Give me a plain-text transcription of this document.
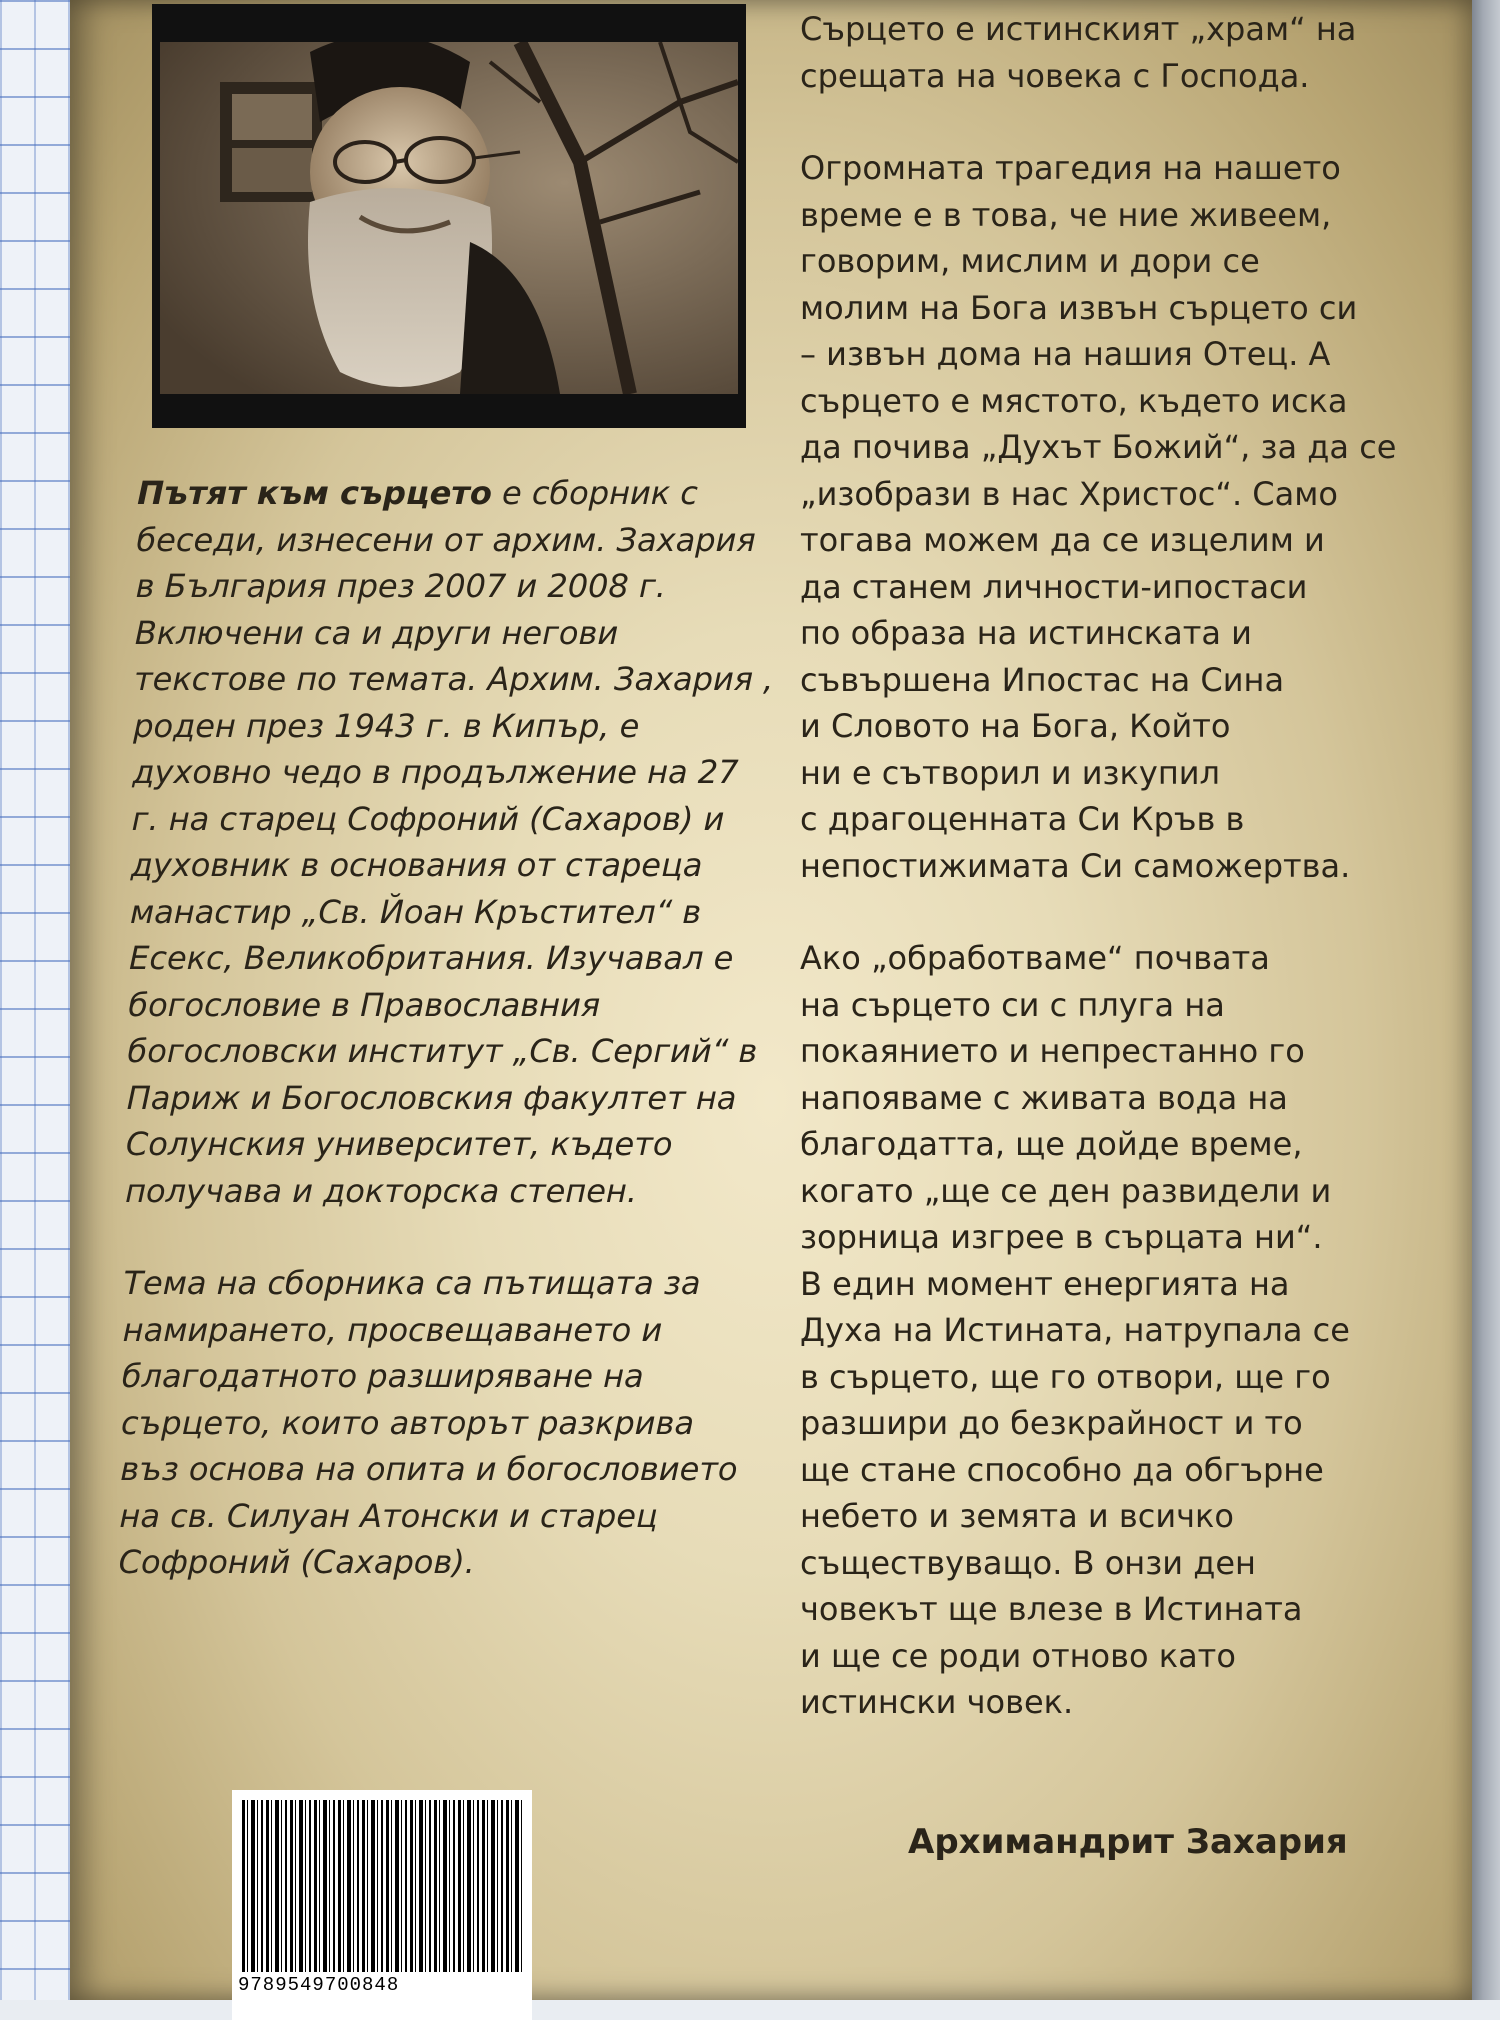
Пътят към сърцето е сборник с беседи, изнесени от архим. Захария в България през 2007 и 2008 г. Включени са и други негови текстове по темата. Архим. Захария , роден през 1943 г. в Кипър, е духовно чедо в продължение на 27 г. на старец Софроний (Сахаров) и духовник в основания от стареца манастир „Св. Йоан Кръстител“ в Есекс, Великобритания. Изучавал е богословие в Православния богословски институт „Св. Сергий“ в Париж и Богословския факултет на Солунския университет, където получава и докторска степен.

Тема на сборника са пътищата за намирането, просвещаването и благодатното разширяване на сърцето, които авторът разкрива въз основа на опита и богословието на св. Силуан Атонски и старец Софроний (Сахаров).

Сърцето е истинският „храм“ на
срещата на човека с Господа.
Огромната трагедия на нашето
време е в това, че ние живеем,
говорим, мислим и дори се
молим на Бога извън сърцето си
– извън дома на нашия Отец. А
сърцето е мястото, където иска
да почива „Духът Божий“, за да се
„изобрази в нас Христос“. Само
тогава можем да се изцелим и
да станем личности-ипостаси
по образа на истинската и
съвършена Ипостас на Сина
и Словото на Бога, Който
ни е сътворил и изкупил
с драгоценната Си Кръв в
непостижимата Си саможертва.
Ако „обработваме“ почвата
на сърцето си с плуга на
покаянието и непрестанно го
напояваме с живата вода на
благодатта, ще дойде време,
когато „ще се ден развидели и
зорница изгрее в сърцата ни“.
В един момент енергията на
Духа на Истината, натрупала се
в сърцето, ще го отвори, ще го
разшири до безкрайност и то
ще стане способно да обгърне
небето и земята и всичко
съществуващо. В онзи ден
човекът ще влезе в Истината
и ще се роди отново като
истински човек.
Архимандрит Захария
9789549700848
